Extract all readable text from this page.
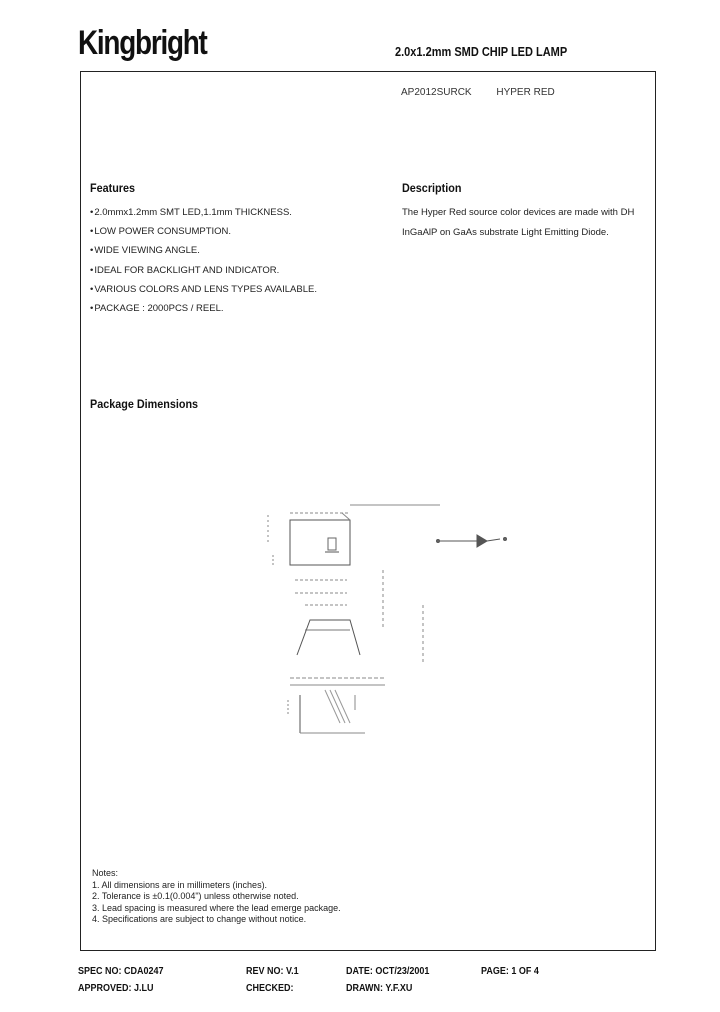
Kingbright	2.0x1.2mm SMD CHIP LED LAMP
AP2012SURCK HYPER RED
Features
• 2.0mmx1.2mm SMT LED,1.1mm THICKNESS.
• LOW POWER CONSUMPTION.
• WIDE VIEWING ANGLE.
• IDEAL FOR BACKLIGHT AND INDICATOR.
• VARIOUS COLORS AND LENS TYPES AVAILABLE.
• PACKAGE : 2000PCS / REEL.
Description
The Hyper Red source color devices are made with DH
InGaAlP on GaAs substrate Light Emitting Diode.
Package Dimensions
Notes:
1. All dimensions are in millimeters (inches).
2. Tolerance is ±0.1(0.004") unless otherwise noted.
3. Lead spacing is measured where the lead emerge package.
4. Specifications are subject to change without notice.
SPEC NO: CDA0247	REV NO: V.1	DATE: OCT/23/2001	PAGE: 1 OF 4
APPROVED: J.LU	CHECKED:	DRAWN: Y.F.XU
